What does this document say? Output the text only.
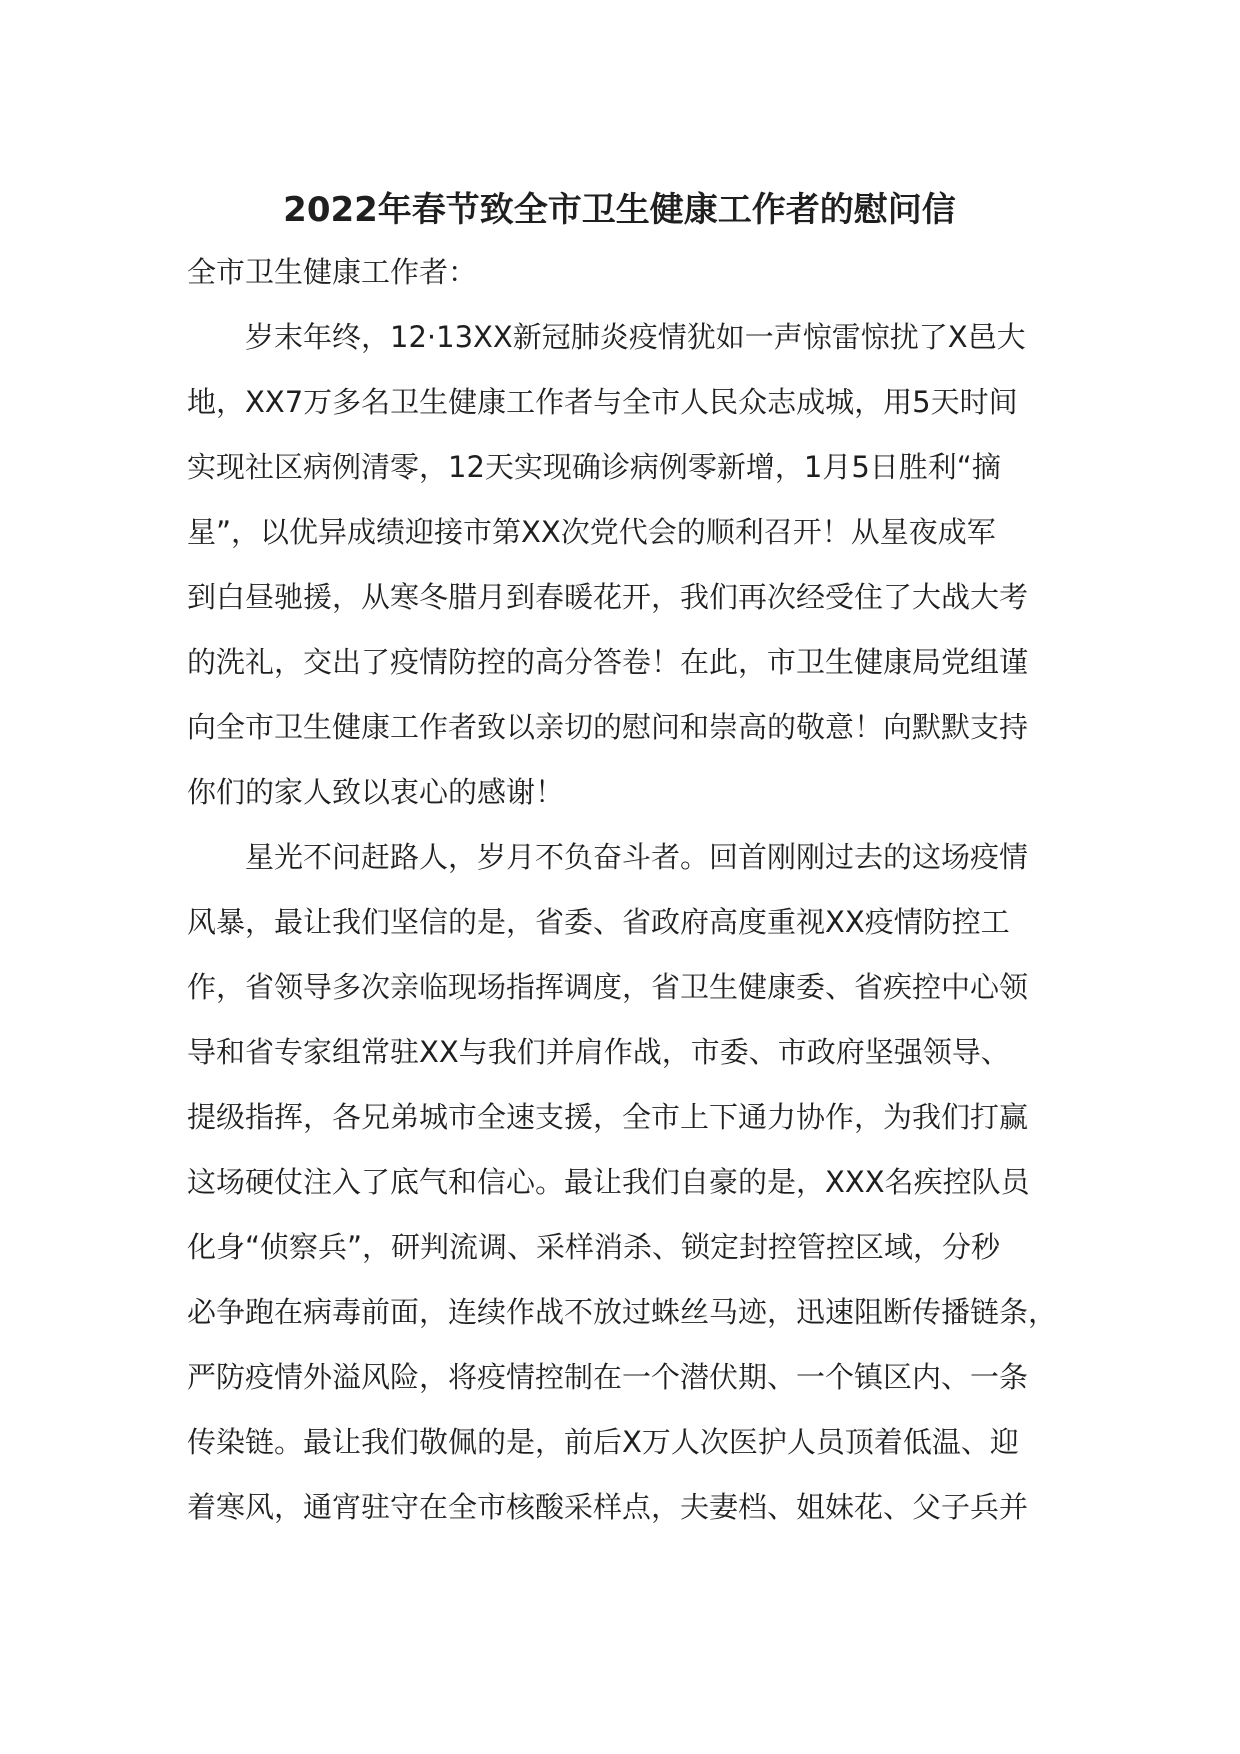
2022年春节致全市卫生健康工作者的慰问信
全市卫生健康工作者：
岁末年终，12·13XX新冠肺炎疫情犹如一声惊雷惊扰了X邑大
地，XX7万多名卫生健康工作者与全市人民众志成城，用5天时间
实现社区病例清零，12天实现确诊病例零新增，1月5日胜利“摘
星”，以优异成绩迎接市第XX次党代会的顺利召开！从星夜成军
到白昼驰援，从寒冬腊月到春暖花开，我们再次经受住了大战大考
的洗礼，交出了疫情防控的高分答卷！在此，市卫生健康局党组谨
向全市卫生健康工作者致以亲切的慰问和崇高的敬意！向默默支持
你们的家人致以衷心的感谢！
星光不问赶路人，岁月不负奋斗者。回首刚刚过去的这场疫情
风暴，最让我们坚信的是，省委、省政府高度重视XX疫情防控工
作，省领导多次亲临现场指挥调度，省卫生健康委、省疾控中心领
导和省专家组常驻XX与我们并肩作战，市委、市政府坚强领导、
提级指挥，各兄弟城市全速支援，全市上下通力协作，为我们打赢
这场硬仗注入了底气和信心。最让我们自豪的是，XXX名疾控队员
化身“侦察兵”，研判流调、采样消杀、锁定封控管控区域，分秒
必争跑在病毒前面，连续作战不放过蛛丝马迹，迅速阻断传播链条，
严防疫情外溢风险，将疫情控制在一个潜伏期、一个镇区内、一条
传染链。最让我们敬佩的是，前后X万人次医护人员顶着低温、迎
着寒风，通宵驻守在全市核酸采样点，夫妻档、姐妹花、父子兵并
